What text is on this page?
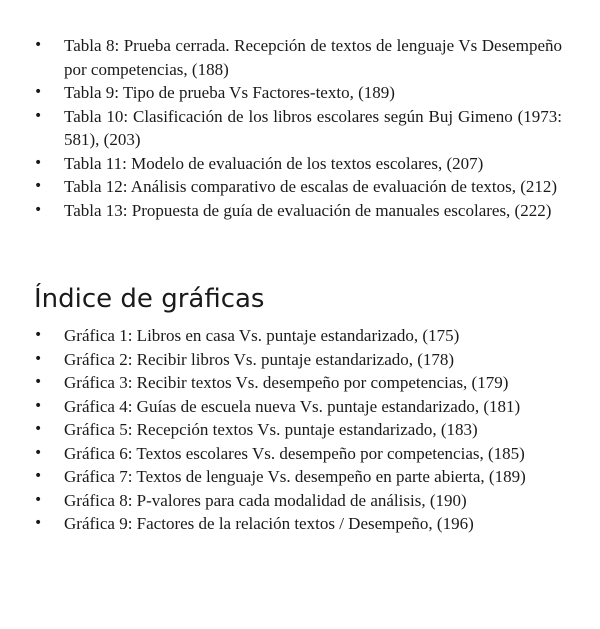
• Tabla 8: Prueba cerrada. Recepción de textos de lenguaje Vs Desempeño por competencias, (188)
• Tabla 9: Tipo de prueba Vs Factores-texto, (189)
• Tabla 10: Clasificación de los libros escolares según Buj Gimeno (1973: 581), (203)
• Tabla 11: Modelo de evaluación de los textos escolares, (207)
• Tabla 12: Análisis comparativo de escalas de evaluación de textos, (212)
• Tabla 13: Propuesta de guía de evaluación de manuales escolares, (222)
Índice de gráficas
• Gráfica 1: Libros en casa Vs. puntaje estandarizado, (175)
• Gráfica 2: Recibir libros Vs. puntaje estandarizado, (178)
• Gráfica 3: Recibir textos Vs. desempeño por competencias, (179)
• Gráfica 4: Guías de escuela nueva Vs. puntaje estandarizado, (181)
• Gráfica 5: Recepción textos Vs. puntaje estandarizado, (183)
• Gráfica 6: Textos escolares Vs. desempeño por competencias, (185)
• Gráfica 7: Textos de lenguaje Vs. desempeño en parte abierta, (189)
• Gráfica 8: P-valores para cada modalidad de análisis, (190)
• Gráfica 9: Factores de la relación textos / Desempeño, (196)
